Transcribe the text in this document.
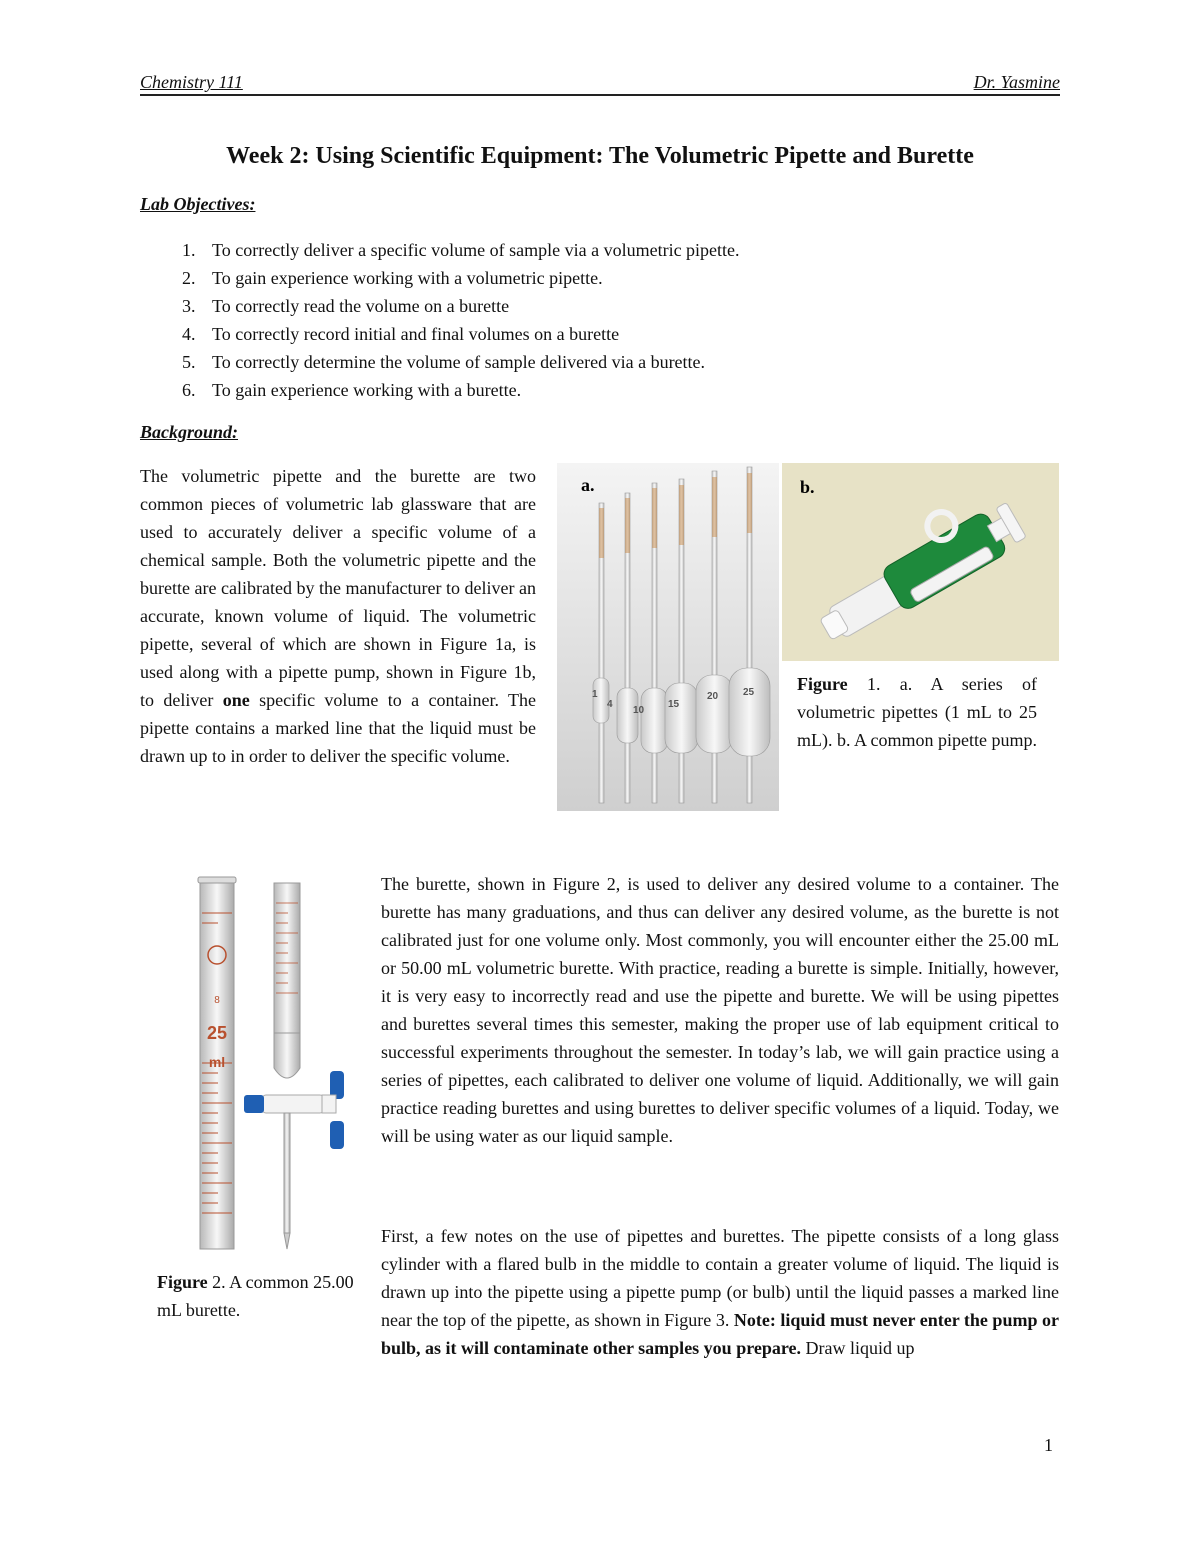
Chemistry 111	Dr. Yasmine
Week 2: Using Scientific Equipment: The Volumetric Pipette and Burette
Lab Objectives:
1. To correctly deliver a specific volume of sample via a volumetric pipette.
2. To gain experience working with a volumetric pipette.
3. To correctly read the volume on a burette
4. To correctly record initial and final volumes on a burette
5. To correctly determine the volume of sample delivered via a burette.
6. To gain experience working with a burette.
Background:

The volumetric pipette and the burette are two common pieces of volumetric lab glassware that are used to accurately deliver a specific volume of a chemical sample. Both the volumetric pipette and the burette are calibrated by the manufacturer to deliver an accurate, known volume of liquid. The volumetric pipette, several of which are shown in Figure 1a, is used along with a pipette pump, shown in Figure 1b, to deliver one specific volume to a container. The pipette contains a marked line that the liquid must be drawn up to in order to deliver the specific volume.

a.
1
4
10
15
20 25
b.
Figure 1. a. A series of volumetric pipettes (1 mL to 25 mL). b. A common pipette pump.
8
25
ml
Figure 2. A common 25.00 mL burette.

The burette, shown in Figure 2, is used to deliver any desired volume to a container. The burette has many graduations, and thus can deliver any desired volume, as the burette is not calibrated just for one volume only. Most commonly, you will encounter either the 25.00 mL or 50.00 mL volumetric burette. With practice, reading a burette is simple. Initially, however, it is very easy to incorrectly read and use the pipette and burette. We will be using pipettes and burettes several times this semester, making the proper use of lab equipment critical to successful experiments throughout the semester. In today’s lab, we will gain practice using a series of pipettes, each calibrated to deliver one volume of liquid. Additionally, we will gain practice reading burettes and using burettes to deliver specific volumes of a liquid. Today, we will be using water as our liquid sample.

First, a few notes on the use of pipettes and burettes. The pipette consists of a long glass cylinder with a flared bulb in the middle to contain a greater volume of liquid. The liquid is drawn up into the pipette using a pipette pump (or bulb) until the liquid passes a marked line near the top of the pipette, as shown in Figure 3. Note: liquid must never enter the pump or bulb, as it will contaminate other samples you prepare. Draw liquid up

1
